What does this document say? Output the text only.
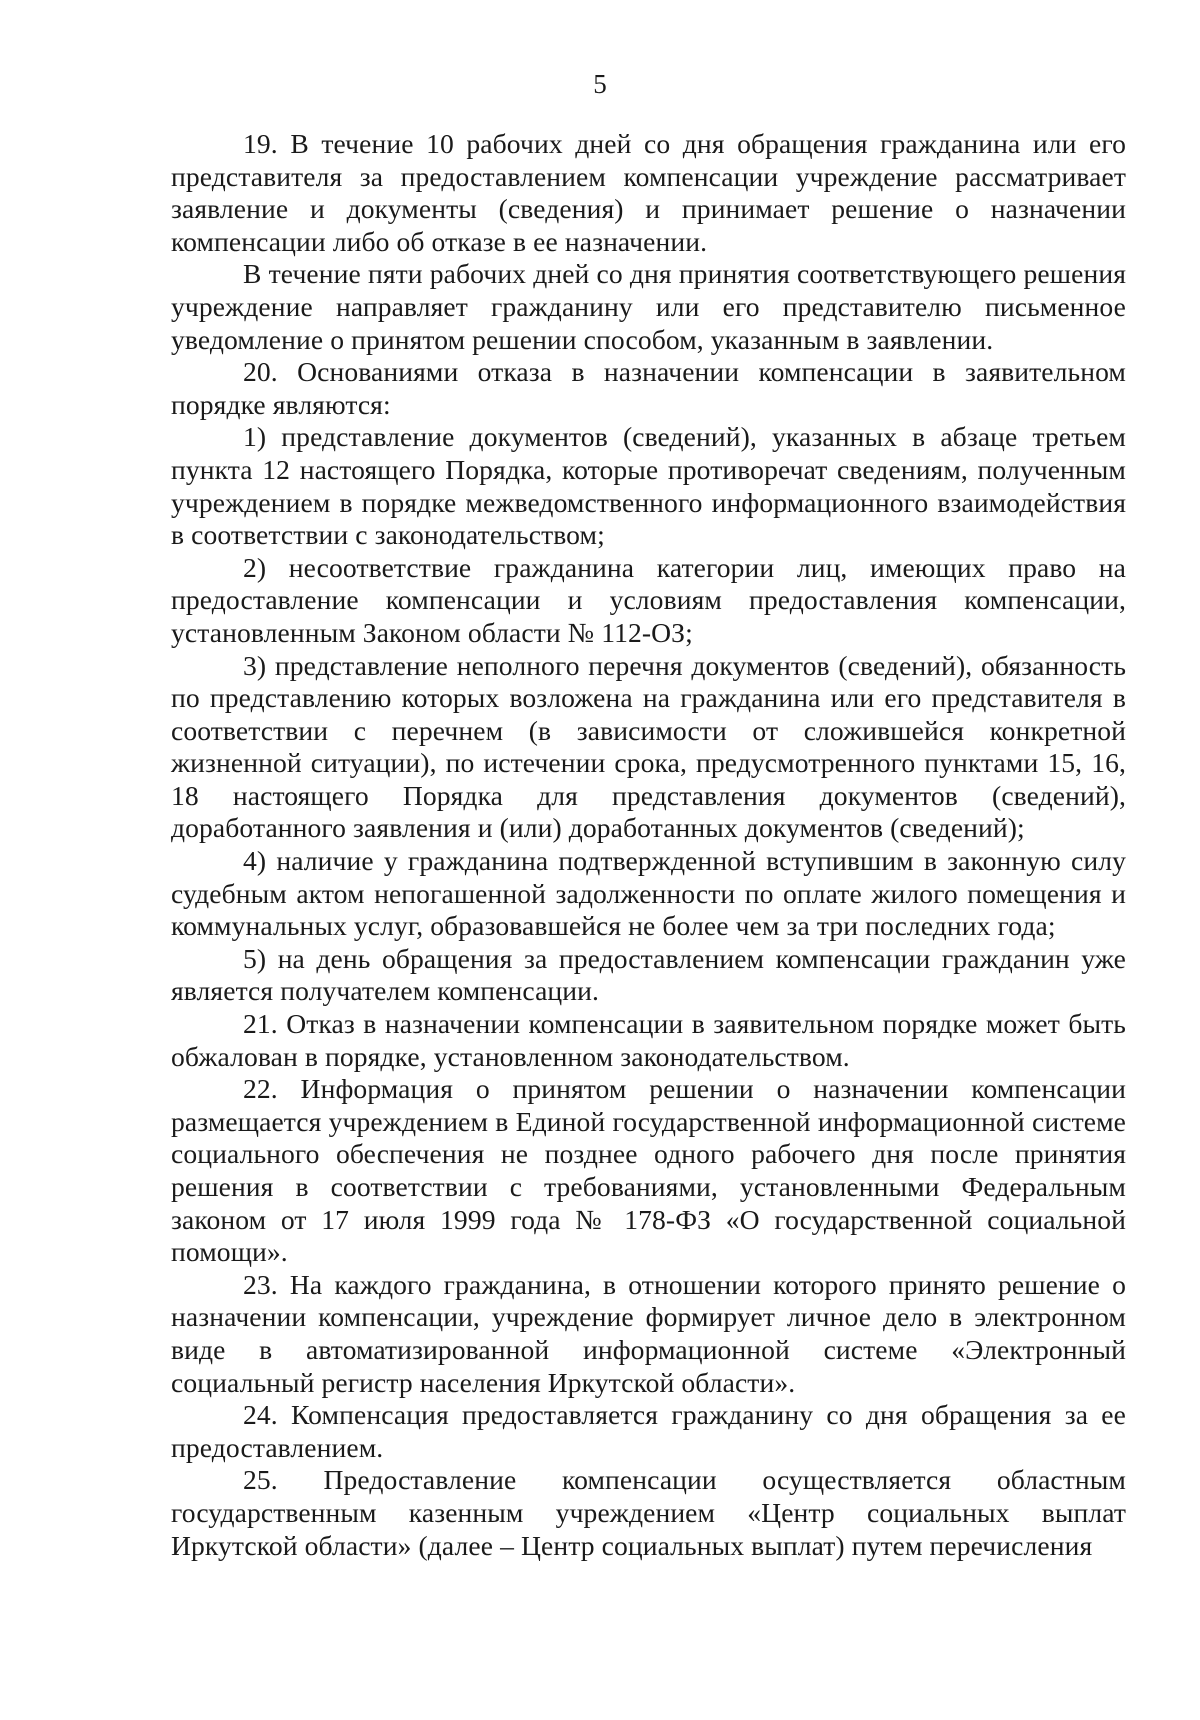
5

19. В течение 10 рабочих дней со дня обращения гражданина или его представителя за предоставлением компенсации учреждение рассматривает заявление и документы (сведения) и принимает решение о назначении компенсации либо об отказе в ее назначении.

В течение пяти рабочих дней со дня принятия соответствующего решения учреждение направляет гражданину или его представителю письменное уведомление о принятом решении способом, указанным в заявлении.

20. Основаниями отказа в назначении компенсации в заявительном порядке являются:

1) представление документов (сведений), указанных в абзаце третьем пункта 12 настоящего Порядка, которые противоречат сведениям, полученным учреждением в порядке межведомственного информационного взаимодействия в соответствии с законодательством;

2) несоответствие гражданина категории лиц, имеющих право на предоставление компенсации и условиям предоставления компенсации, установленным Законом области № 112-ОЗ;

3) представление неполного перечня документов (сведений), обязанность по представлению которых возложена на гражданина или его представителя в соответствии с перечнем (в зависимости от сложившейся конкретной жизненной ситуации), по истечении срока, предусмотренного пунктами 15, 16, 18 настоящего Порядка для представления документов (сведений), доработанного заявления и (или) доработанных документов (сведений);

4) наличие у гражданина подтвержденной вступившим в законную силу судебным актом непогашенной задолженности по оплате жилого помещения и коммунальных услуг, образовавшейся не более чем за три последних года;

5) на день обращения за предоставлением компенсации гражданин уже является получателем компенсации.

21. Отказ в назначении компенсации в заявительном порядке может быть обжалован в порядке, установленном законодательством.

22. Информация о принятом решении о назначении компенсации размещается учреждением в Единой государственной информационной системе социального обеспечения не позднее одного рабочего дня после принятия решения в соответствии с требованиями, установленными Федеральным законом от 17 июля 1999 года № 178-ФЗ «О государственной социальной помощи».

23. На каждого гражданина, в отношении которого принято решение о назначении компенсации, учреждение формирует личное дело в электронном виде в автоматизированной информационной системе «Электронный социальный регистр населения Иркутской области».

24. Компенсация предоставляется гражданину со дня обращения за ее предоставлением.

25. Предоставление компенсации осуществляется областным государственным казенным учреждением «Центр социальных выплат Иркутской области» (далее – Центр социальных выплат) путем перечисления
